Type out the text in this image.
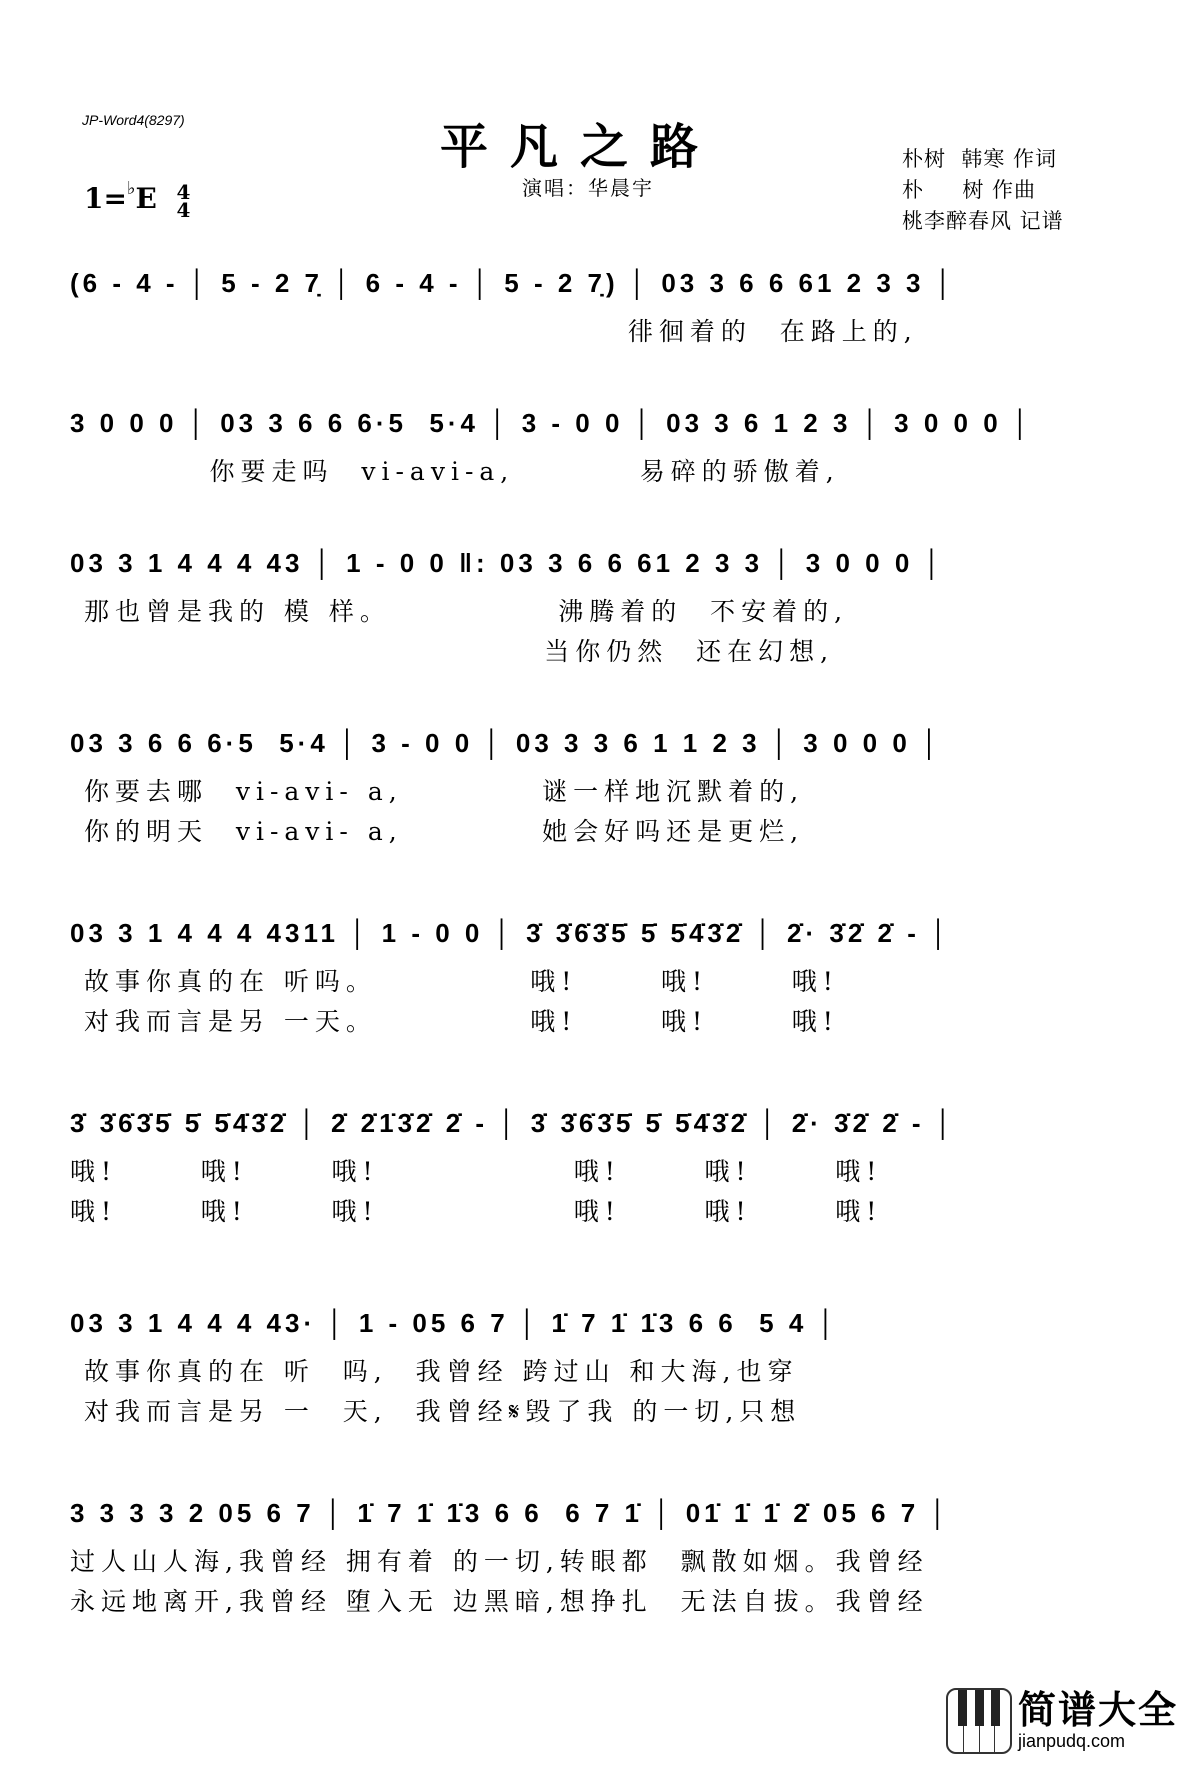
JP-Word4(8297)	平凡之路
演唱：华晨宇
1=♭E 4
4
朴树  韩寒 作词
朴     树 作曲
桃李醉春风 记谱
(6 - 4 - │ 5 - 2 7̣ │ 6 - 4 - │ 5 - 2 7̣) │ 03 3 6 6 61 2 3 3 │
徘徊着的  在路上的,
3 0 0 0 │ 03 3 6 6 6·5  5·4 │ 3 - 0 0 │ 03 3 6 1 2 3 │ 3 0 0 0 │
你要走吗  vi-avi-a,         易碎的骄傲着,
03 3 1 4 4 4 43 │ 1 - 0 0 ‖: 03 3 6 6 61 2 3 3 │ 3 0 0 0 │
那也曾是我的 模 样。            沸腾着的  不安着的,
当你仍然  还在幻想,
03 3 6 6 6·5  5·4 │ 3 - 0 0 │ 03 3 3 6 1 1 2 3 │ 3 0 0 0 │
你要去哪  vi-avi- a,          谜一样地沉默着的,
你的明天  vi-avi- a,          她会好吗还是更烂,
03 3 1 4 4 4 4311 │ 1 - 0 0 │ 3̇ 3̇6̇3̇5̇ 5̇ 5̇4̇3̇2̇ │ 2̇· 3̇2̇ 2̇ - │
故事你真的在 听吗。           哦!      哦!      哦!
对我而言是另 一天。           哦!      哦!      哦!
3̇ 3̇6̇3̇5̇ 5̇ 5̇4̇3̇2̇ │ 2̇ 2̇1̇3̇2̇ 2̇ - │ 3̇ 3̇6̇3̇5̇ 5̇ 5̇4̇3̇2̇ │ 2̇· 3̇2̇ 2̇ - │
哦!      哦!      哦!              哦!      哦!      哦!
哦!      哦!      哦!              哦!      哦!      哦!
03 3 1 4 4 4 43· │ 1 - 05 6 7 │ 1̇ 7 1̇ 1̇3 6 6  5 4 │
故事你真的在 听  吗,  我曾经 跨过山 和大海,也穿
对我而言是另 一  天,  我曾经𝄋毁了我 的一切,只想
3 3 3 3 2 05 6 7 │ 1̇ 7 1̇ 1̇3 6 6  6 7 1̇ │ 01̇ 1̇ 1̇ 2̇ 05 6 7 │
过人山人海,我曾经 拥有着 的一切,转眼都  飘散如烟。我曾经
永远地离开,我曾经 堕入无 边黑暗,想挣扎  无法自拔。我曾经
简谱大全
jianpudq.com
